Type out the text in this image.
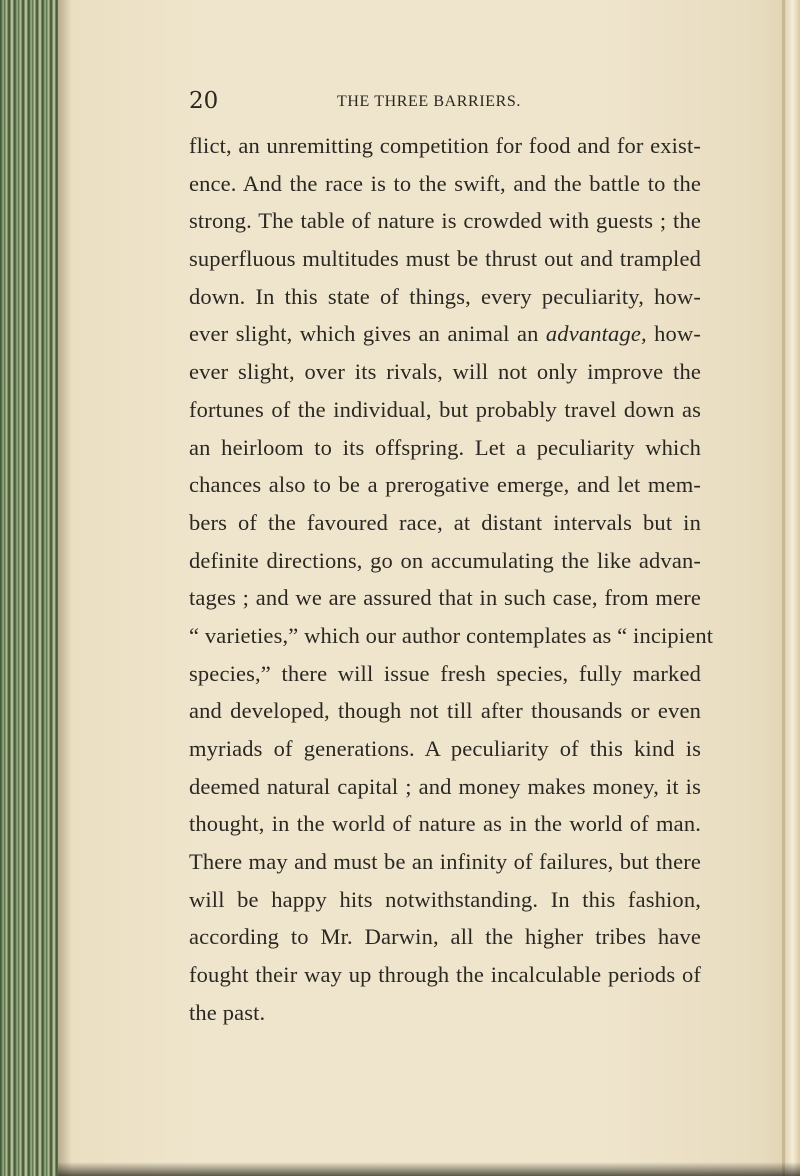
20	THE THREE BARRIERS.
flict, an unremitting competition for food and for exist-
ence. And the race is to the swift, and the battle to the
strong. The table of nature is crowded with guests ; the
superfluous multitudes must be thrust out and trampled
down. In this state of things, every peculiarity, how-
ever slight, which gives an animal an advantage, how-
ever slight, over its rivals, will not only improve the
fortunes of the individual, but probably travel down as
an heirloom to its offspring. Let a peculiarity which
chances also to be a prerogative emerge, and let mem-
bers of the favoured race, at distant intervals but in
definite directions, go on accumulating the like advan-
tages ; and we are assured that in such case, from mere
“ varieties,” which our author contemplates as “ incipient
species,” there will issue fresh species, fully marked
and developed, though not till after thousands or even
myriads of generations. A peculiarity of this kind is
deemed natural capital ; and money makes money, it is
thought, in the world of nature as in the world of man.
There may and must be an infinity of failures, but there
will be happy hits notwithstanding. In this fashion,
according to Mr. Darwin, all the higher tribes have
fought their way up through the incalculable periods of
the past.
